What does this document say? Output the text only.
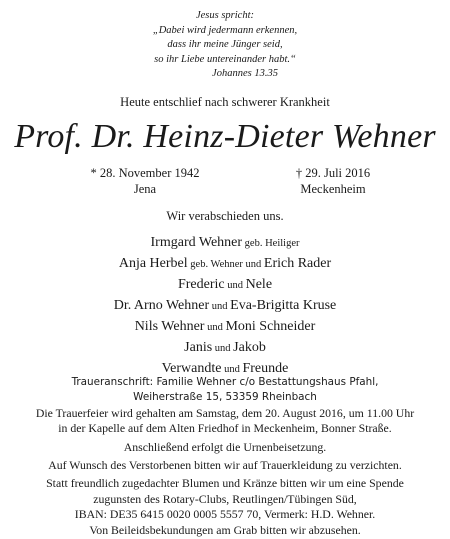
Jesus spricht:
„Dabei wird jedermann erkennen,
dass ihr meine Jünger seid,
so ihr Liebe untereinander habt.“
Johannes 13.35
Heute entschlief nach schwerer Krankheit
Prof. Dr. Heinz-Dieter Wehner
* 28. November 1942
Jena
† 29. Juli 2016
Meckenheim
Wir verabschieden uns.
Irmgard Wehner geb. Heiliger
Anja Herbel geb. Wehner und Erich Rader
Frederic und Nele
Dr. Arno Wehner und Eva-Brigitta Kruse
Nils Wehner und Moni Schneider
Janis und Jakob
Verwandte und Freunde
Traueranschrift: Familie Wehner c/o Bestattungshaus Pfahl,
Weiherstraße 15, 53359 Rheinbach
Die Trauerfeier wird gehalten am Samstag, dem 20. August 2016, um 11.00 Uhr
in der Kapelle auf dem Alten Friedhof in Meckenheim, Bonner Straße.
Anschließend erfolgt die Urnenbeisetzung.
Auf Wunsch des Verstorbenen bitten wir auf Trauerkleidung zu verzichten.
Statt freundlich zugedachter Blumen und Kränze bitten wir um eine Spende
zugunsten des Rotary-Clubs, Reutlingen/Tübingen Süd,
IBAN: DE35 6415 0020 0005 5557 70, Vermerk: H.D. Wehner.
Von Beileidsbekundungen am Grab bitten wir abzusehen.
